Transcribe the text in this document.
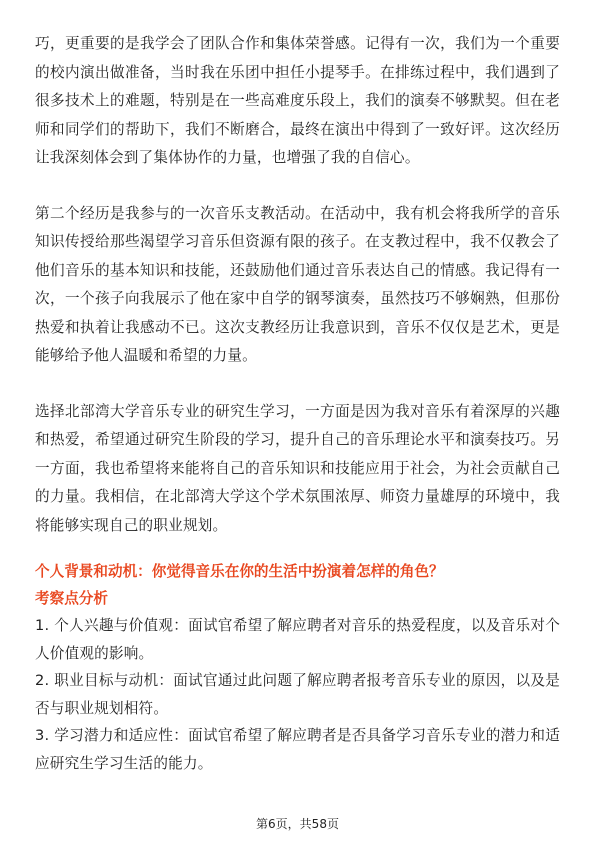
巧，更重要的是我学会了团队合作和集体荣誉感。记得有一次，我们为一个重要的校内演出做准备，当时我在乐团中担任小提琴手。在排练过程中，我们遇到了很多技术上的难题，特别是在一些高难度乐段上，我们的演奏不够默契。但在老师和同学们的帮助下，我们不断磨合，最终在演出中得到了一致好评。这次经历让我深刻体会到了集体协作的力量，也增强了我的自信心。

第二个经历是我参与的一次音乐支教活动。在活动中，我有机会将我所学的音乐知识传授给那些渴望学习音乐但资源有限的孩子。在支教过程中，我不仅教会了他们音乐的基本知识和技能，还鼓励他们通过音乐表达自己的情感。我记得有一次，一个孩子向我展示了他在家中自学的钢琴演奏，虽然技巧不够娴熟，但那份热爱和执着让我感动不已。这次支教经历让我意识到，音乐不仅仅是艺术，更是能够给予他人温暖和希望的力量。

选择北部湾大学音乐专业的研究生学习，一方面是因为我对音乐有着深厚的兴趣和热爱，希望通过研究生阶段的学习，提升自己的音乐理论水平和演奏技巧。另一方面，我也希望将来能将自己的音乐知识和技能应用于社会，为社会贡献自己的力量。我相信，在北部湾大学这个学术氛围浓厚、师资力量雄厚的环境中，我将能够实现自己的职业规划。

个人背景和动机：你觉得音乐在你的生活中扮演着怎样的角色？
考察点分析

1. 个人兴趣与价值观：面试官希望了解应聘者对音乐的热爱程度，以及音乐对个人价值观的影响。

2. 职业目标与动机：面试官通过此问题了解应聘者报考音乐专业的原因，以及是否与职业规划相符。

3. 学习潜力和适应性：面试官希望了解应聘者是否具备学习音乐专业的潜力和适应研究生学习生活的能力。

第6页，共58页
